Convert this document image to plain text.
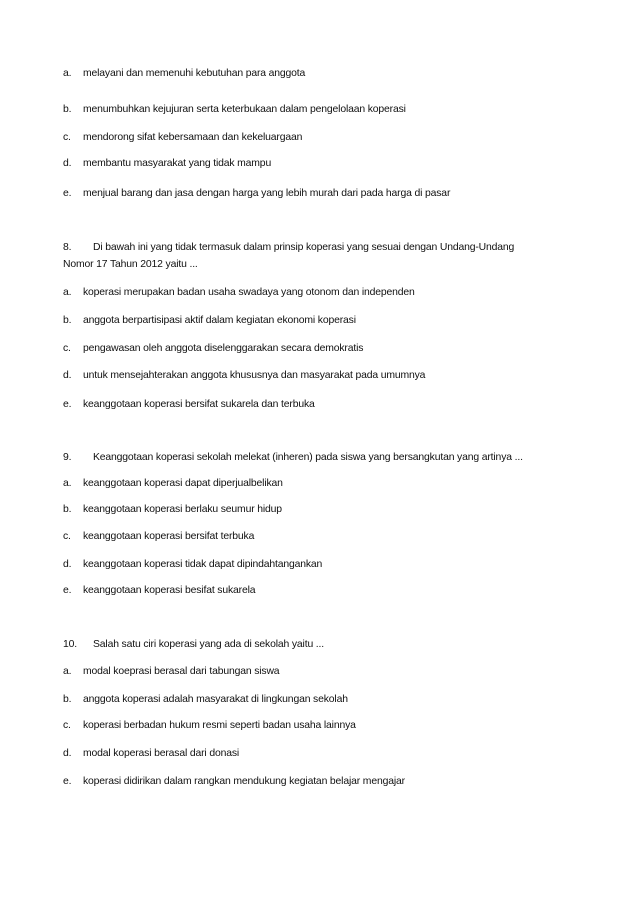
a. melayani dan memenuhi kebutuhan para anggota
b. menumbuhkan kejujuran serta keterbukaan dalam pengelolaan koperasi
c. mendorong sifat kebersamaan dan kekeluargaan
d. membantu masyarakat yang tidak mampu
e. menjual barang dan jasa dengan harga yang lebih murah dari pada harga di pasar
8. Di bawah ini yang tidak termasuk dalam prinsip koperasi yang sesuai dengan Undang-Undang
Nomor 17 Tahun 2012 yaitu ...
a. koperasi merupakan badan usaha swadaya yang otonom dan independen
b. anggota berpartisipasi aktif dalam kegiatan ekonomi koperasi
c. pengawasan oleh anggota diselenggarakan secara demokratis
d. untuk mensejahterakan anggota khususnya dan masyarakat pada umumnya
e. keanggotaan koperasi bersifat sukarela dan terbuka
9. Keanggotaan koperasi sekolah melekat (inheren) pada siswa yang bersangkutan yang artinya ...
a. keanggotaan koperasi dapat diperjualbelikan
b. keanggotaan koperasi berlaku seumur hidup
c. keanggotaan koperasi bersifat terbuka
d. keanggotaan koperasi tidak dapat dipindahtangankan
e. keanggotaan koperasi besifat sukarela
10. Salah satu ciri koperasi yang ada di sekolah yaitu ...
a. modal koeprasi berasal dari tabungan siswa
b. anggota koperasi adalah masyarakat di lingkungan sekolah
c. koperasi berbadan hukum resmi seperti badan usaha lainnya
d. modal koperasi berasal dari donasi
e. koperasi didirikan dalam rangkan mendukung kegiatan belajar mengajar
